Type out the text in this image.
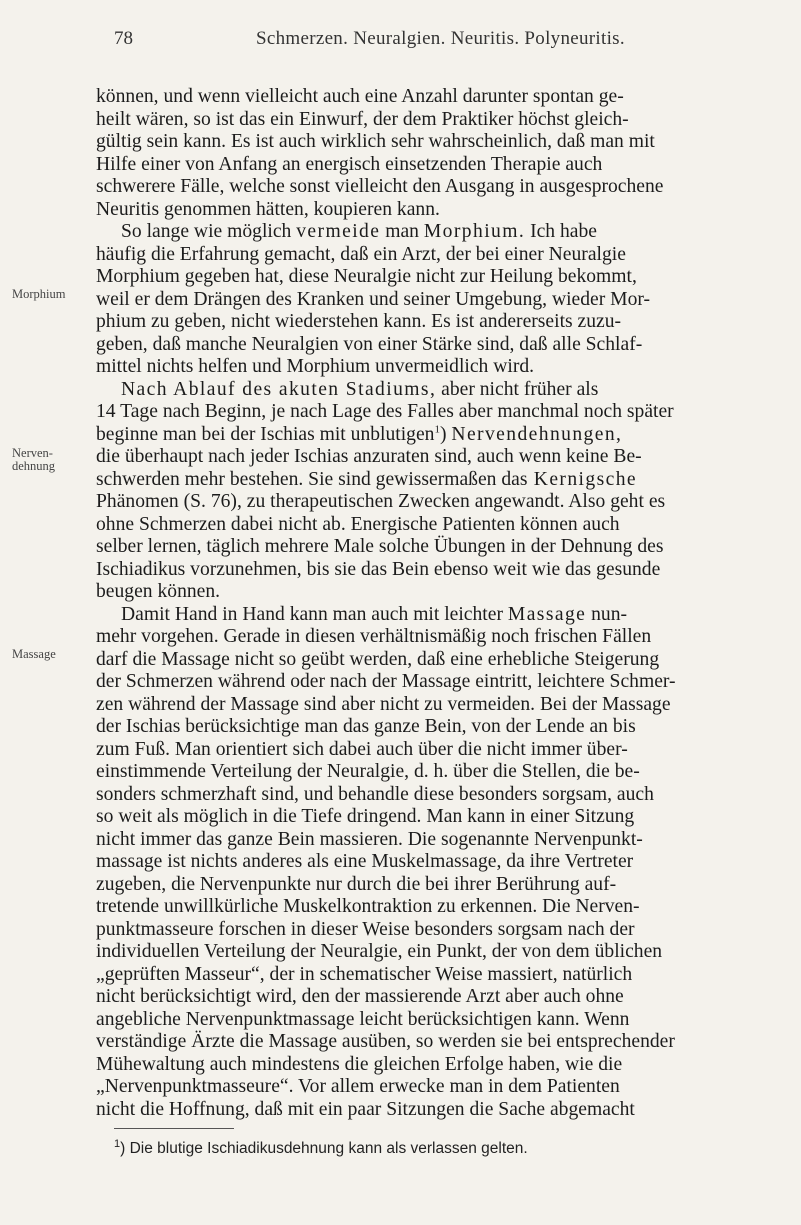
78	Schmerzen. Neuralgien. Neuritis. Polyneuritis.
Morphium
Nerven-
dehnung
Massage
können, und wenn vielleicht auch eine Anzahl darunter spontan ge-
heilt wären, so ist das ein Einwurf, der dem Praktiker höchst gleich-
gültig sein kann. Es ist auch wirklich sehr wahrscheinlich, daß man mit
Hilfe einer von Anfang an energisch einsetzenden Therapie auch
schwerere Fälle, welche sonst vielleicht den Ausgang in ausgesprochene
Neuritis genommen hätten, koupieren kann.
So lange wie möglich vermeide man Morphium. Ich habe
häufig die Erfahrung gemacht, daß ein Arzt, der bei einer Neuralgie
Morphium gegeben hat, diese Neuralgie nicht zur Heilung bekommt,
weil er dem Drängen des Kranken und seiner Umgebung, wieder Mor-
phium zu geben, nicht wiederstehen kann. Es ist andererseits zuzu-
geben, daß manche Neuralgien von einer Stärke sind, daß alle Schlaf-
mittel nichts helfen und Morphium unvermeidlich wird.
Nach Ablauf des akuten Stadiums, aber nicht früher als
14 Tage nach Beginn, je nach Lage des Falles aber manchmal noch später
beginne man bei der Ischias mit unblutigen$^1$) Nervendehnungen,
die überhaupt nach jeder Ischias anzuraten sind, auch wenn keine Be-
schwerden mehr bestehen. Sie sind gewissermaßen das Kernigsche
Phänomen (S. 76), zu therapeutischen Zwecken angewandt. Also geht es
ohne Schmerzen dabei nicht ab. Energische Patienten können auch
selber lernen, täglich mehrere Male solche Übungen in der Dehnung des
Ischiadikus vorzunehmen, bis sie das Bein ebenso weit wie das gesunde
beugen können.
Damit Hand in Hand kann man auch mit leichter Massage nun-
mehr vorgehen. Gerade in diesen verhältnismäßig noch frischen Fällen
darf die Massage nicht so geübt werden, daß eine erhebliche Steigerung
der Schmerzen während oder nach der Massage eintritt, leichtere Schmer-
zen während der Massage sind aber nicht zu vermeiden. Bei der Massage
der Ischias berücksichtige man das ganze Bein, von der Lende an bis
zum Fuß. Man orientiert sich dabei auch über die nicht immer über-
einstimmende Verteilung der Neuralgie, d. h. über die Stellen, die be-
sonders schmerzhaft sind, und behandle diese besonders sorgsam, auch
so weit als möglich in die Tiefe dringend. Man kann in einer Sitzung
nicht immer das ganze Bein massieren. Die sogenannte Nervenpunkt-
massage ist nichts anderes als eine Muskelmassage, da ihre Vertreter
zugeben, die Nervenpunkte nur durch die bei ihrer Berührung auf-
tretende unwillkürliche Muskelkontraktion zu erkennen. Die Nerven-
punktmasseure forschen in dieser Weise besonders sorgsam nach der
individuellen Verteilung der Neuralgie, ein Punkt, der von dem üblichen
„geprüften Masseur“, der in schematischer Weise massiert, natürlich
nicht berücksichtigt wird, den der massierende Arzt aber auch ohne
angebliche Nervenpunktmassage leicht berücksichtigen kann. Wenn
verständige Ärzte die Massage ausüben, so werden sie bei entsprechender
Mühewaltung auch mindestens die gleichen Erfolge haben, wie die
„Nervenpunktmasseure“. Vor allem erwecke man in dem Patienten
nicht die Hoffnung, daß mit ein paar Sitzungen die Sache abgemacht
$^1$) Die blutige Ischiadikusdehnung kann als verlassen gelten.
